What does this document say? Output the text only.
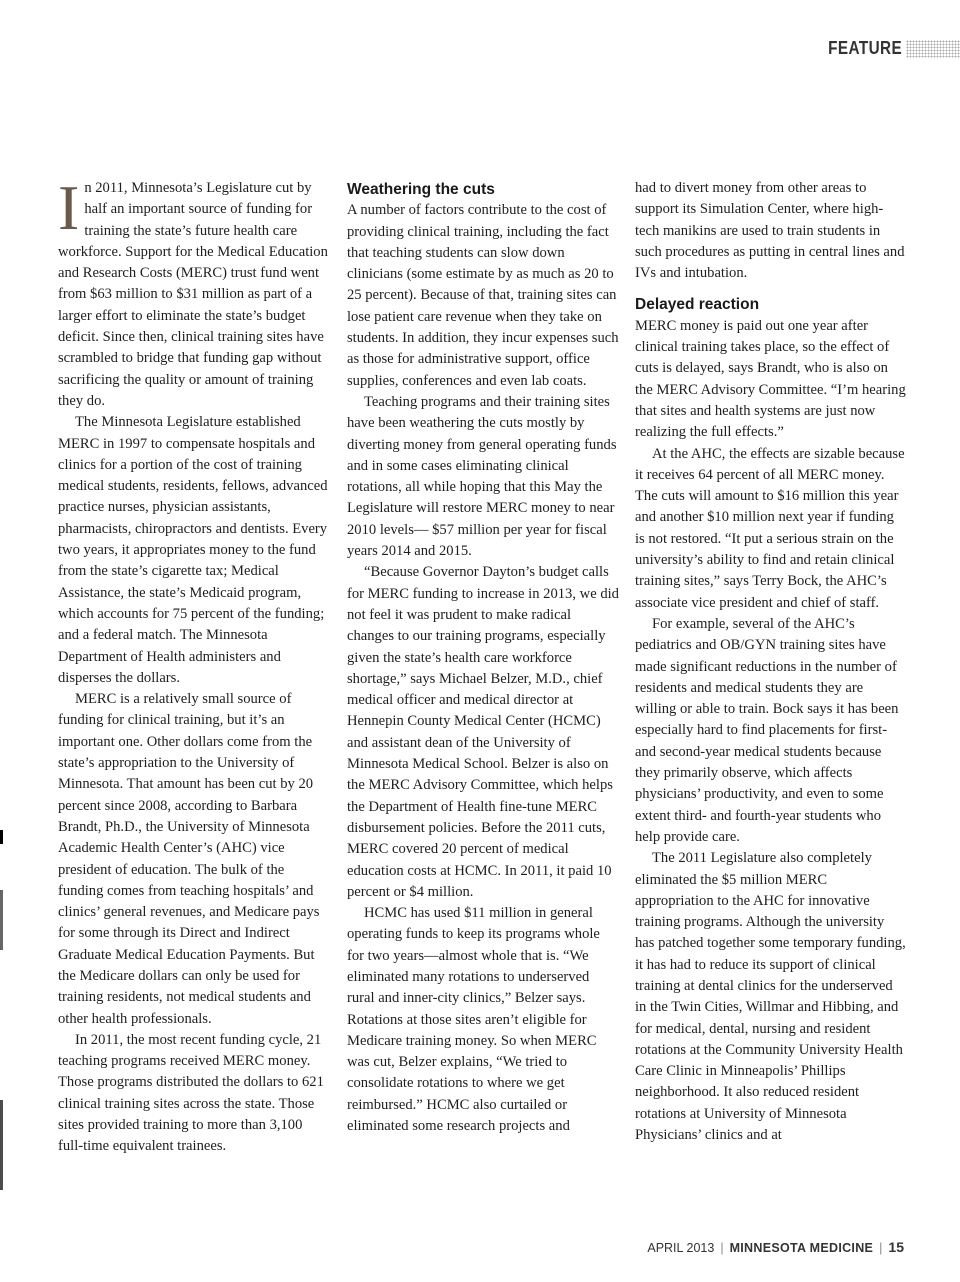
FEATURE

In 2011, Minnesota’s Legislature cut by half an important source of funding for training the state’s future health care workforce. Support for the Medical Education and Research Costs (MERC) trust fund went from $63 million to $31 million as part of a larger effort to eliminate the state’s budget deficit. Since then, clinical training sites have scrambled to bridge that funding gap without sacrificing the quality or amount of training they do.

The Minnesota Legislature established MERC in 1997 to compensate hospitals and clinics for a portion of the cost of training medical students, residents, fellows, advanced practice nurses, physician assistants, pharmacists, chiropractors and dentists. Every two years, it appropriates money to the fund from the state’s cigarette tax; Medical Assistance, the state’s Medicaid program, which accounts for 75 percent of the funding; and a federal match. The Minnesota Department of Health administers and disperses the dollars.

MERC is a relatively small source of funding for clinical training, but it’s an important one. Other dollars come from the state’s appropriation to the University of Minnesota. That amount has been cut by 20 percent since 2008, according to Barbara Brandt, Ph.D., the University of Minnesota Academic Health Center’s (AHC) vice president of education. The bulk of the funding comes from teaching hospitals’ and clinics’ general revenues, and Medicare pays for some through its Direct and Indirect Graduate Medical Education Payments. But the Medicare dollars can only be used for training residents, not medical students and other health professionals.

In 2011, the most recent funding cycle, 21 teaching programs received MERC money. Those programs distributed the dollars to 621 clinical training sites across the state. Those sites provided training to more than 3,100 full-time equivalent trainees.

Weathering the cuts

A number of factors contribute to the cost of providing clinical training, including the fact that teaching students can slow down clinicians (some estimate by as much as 20 to 25 percent). Because of that, training sites can lose patient care revenue when they take on students. In addition, they incur expenses such as those for administrative support, office supplies, conferences and even lab coats.

Teaching programs and their training sites have been weathering the cuts mostly by diverting money from general operating funds and in some cases eliminating clinical rotations, all while hoping that this May the Legislature will restore MERC money to near 2010 levels— $57 million per year for fiscal years 2014 and 2015.

“Because Governor Dayton’s budget calls for MERC funding to increase in 2013, we did not feel it was prudent to make radical changes to our training programs, especially given the state’s health care workforce shortage,” says Michael Belzer, M.D., chief medical officer and medical director at Hennepin County Medical Center (HCMC) and assistant dean of the University of Minnesota Medical School. Belzer is also on the MERC Advisory Committee, which helps the Department of Health fine-tune MERC disbursement policies. Before the 2011 cuts, MERC covered 20 percent of medical education costs at HCMC. In 2011, it paid 10 percent or $4 million.

HCMC has used $11 million in general operating funds to keep its programs whole for two years—almost whole that is. “We eliminated many rotations to underserved rural and inner-city clinics,” Belzer says. Rotations at those sites aren’t eligible for Medicare training money. So when MERC was cut, Belzer explains, “We tried to consolidate rotations to where we get reimbursed.” HCMC also curtailed or eliminated some research projects and

had to divert money from other areas to support its Simulation Center, where high-tech manikins are used to train students in such procedures as putting in central lines and IVs and intubation.

Delayed reaction

MERC money is paid out one year after clinical training takes place, so the effect of cuts is delayed, says Brandt, who is also on the MERC Advisory Committee. “I’m hearing that sites and health systems are just now realizing the full effects.”

At the AHC, the effects are sizable because it receives 64 percent of all MERC money. The cuts will amount to $16 million this year and another $10 million next year if funding is not restored. “It put a serious strain on the university’s ability to find and retain clinical training sites,” says Terry Bock, the AHC’s associate vice president and chief of staff.

For example, several of the AHC’s pediatrics and OB/GYN training sites have made significant reductions in the number of residents and medical students they are willing or able to train. Bock says it has been especially hard to find placements for first- and second-year medical students because they primarily observe, which affects physicians’ productivity, and even to some extent third- and fourth-year students who help provide care.

The 2011 Legislature also completely eliminated the $5 million MERC appropriation to the AHC for innovative training programs. Although the university has patched together some temporary funding, it has had to reduce its support of clinical training at dental clinics for the underserved in the Twin Cities, Willmar and Hibbing, and for medical, dental, nursing and resident rotations at the Community University Health Care Clinic in Minneapolis’ Phillips neighborhood. It also reduced resident rotations at University of Minnesota Physicians’ clinics and at

APRIL 2013 | MINNESOTA MEDICINE | 15
